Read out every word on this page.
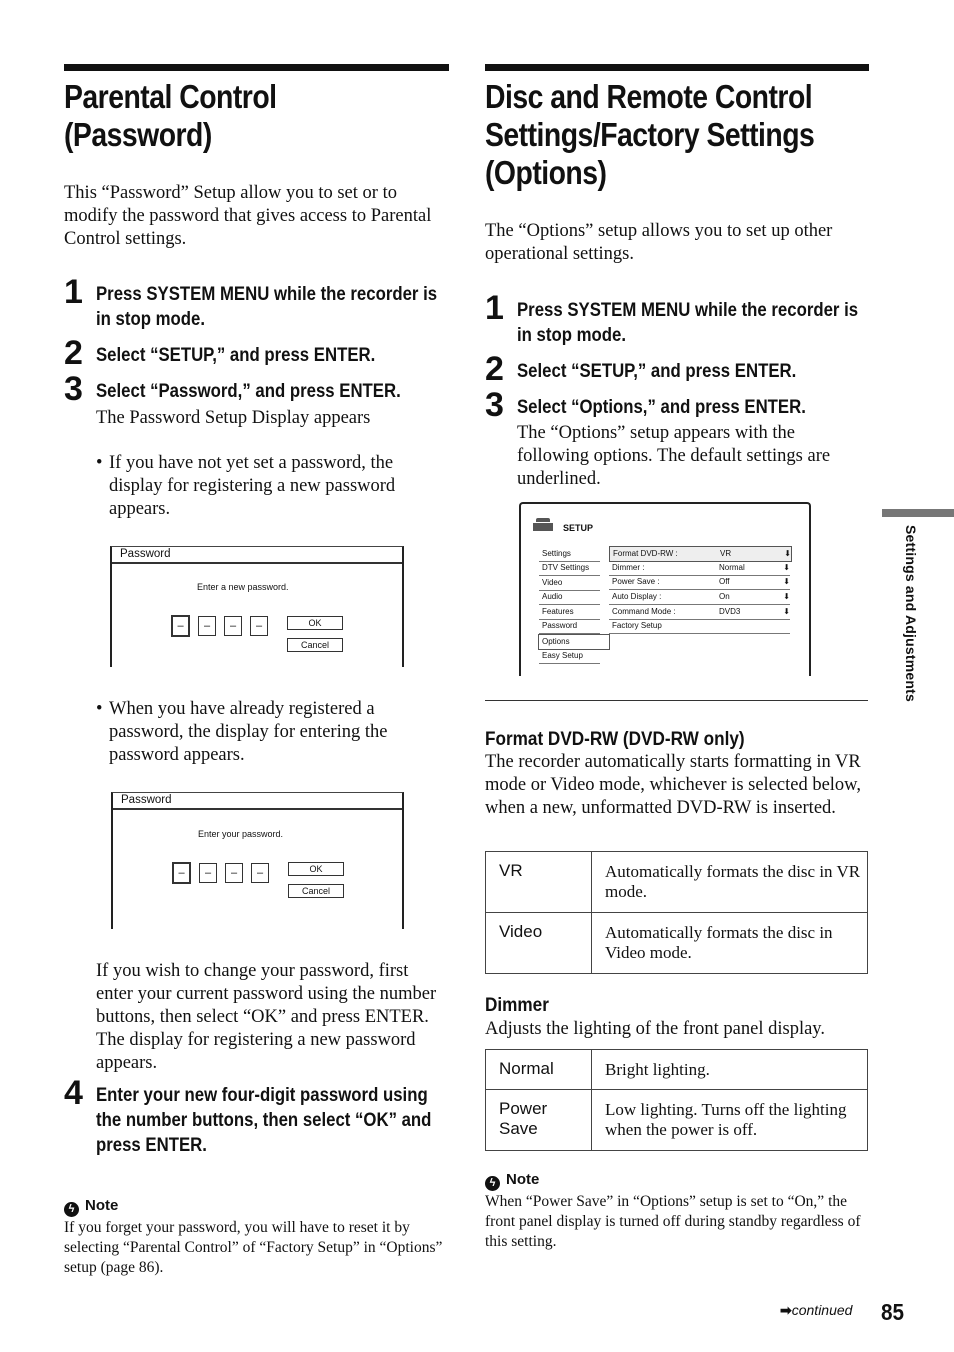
Parental Control
(Password)
This “Password” Setup allow you to set or to modify the password that gives access to Parental Control settings.
1 Press SYSTEM MENU while the recorder is
in stop mode.
2 Select “SETUP,” and press ENTER.
3 Select “Password,” and press ENTER.
The Password Setup Display appears
• If you have not yet set a password, the display for registering a new password appears.
Password
Enter a new password.
–	–	–	–	OK
Cancel
• When you have already registered a password, the display for entering the password appears.
Password
Enter your password.
–	–	–	–	OK
Cancel
If you wish to change your password, first enter your current password using the number buttons, then select “OK” and press ENTER. The display for registering a new password appears.
4 Enter your new four-digit password using
the number buttons, then select “OK” and
press ENTER.
ϟ Note
If you forget your password, you will have to reset it by selecting “Parental Control” of “Factory Setup” in “Options” setup (page 86).
Disc and Remote Control
Settings/Factory Settings
(Options)
The “Options” setup allows you to set up other operational settings.
1 Press SYSTEM MENU while the recorder is
in stop mode.
2 Select “SETUP,” and press ENTER.
3 Select “Options,” and press ENTER.
The “Options” setup appears with the following options. The default settings are underlined.
SETUP
Settings
DTV Settings
Video
Audio
Features
Password
Options
Easy Setup
Format DVD-RW :	VR	⬇
Dimmer :	Normal	⬇
Power Save :	Off	⬇
Auto Display :	On	⬇
Command Mode :	DVD3	⬇
Factory Setup
Format DVD-RW (DVD-RW only)
The recorder automatically starts formatting in VR mode or Video mode, whichever is selected below, when a new, unformatted DVD-RW is inserted.
VR	Automatically formats the disc in VR mode.
Video	Automatically formats the disc in Video mode.
Dimmer
Adjusts the lighting of the front panel display.
Normal	Bright lighting.
Power Save	Low lighting. Turns off the lighting when the power is off.
ϟ Note
When “Power Save” in “Options” setup is set to “On,” the front panel display is turned off during standby regardless of this setting.
Settings and Adjustments
➡continued 85
